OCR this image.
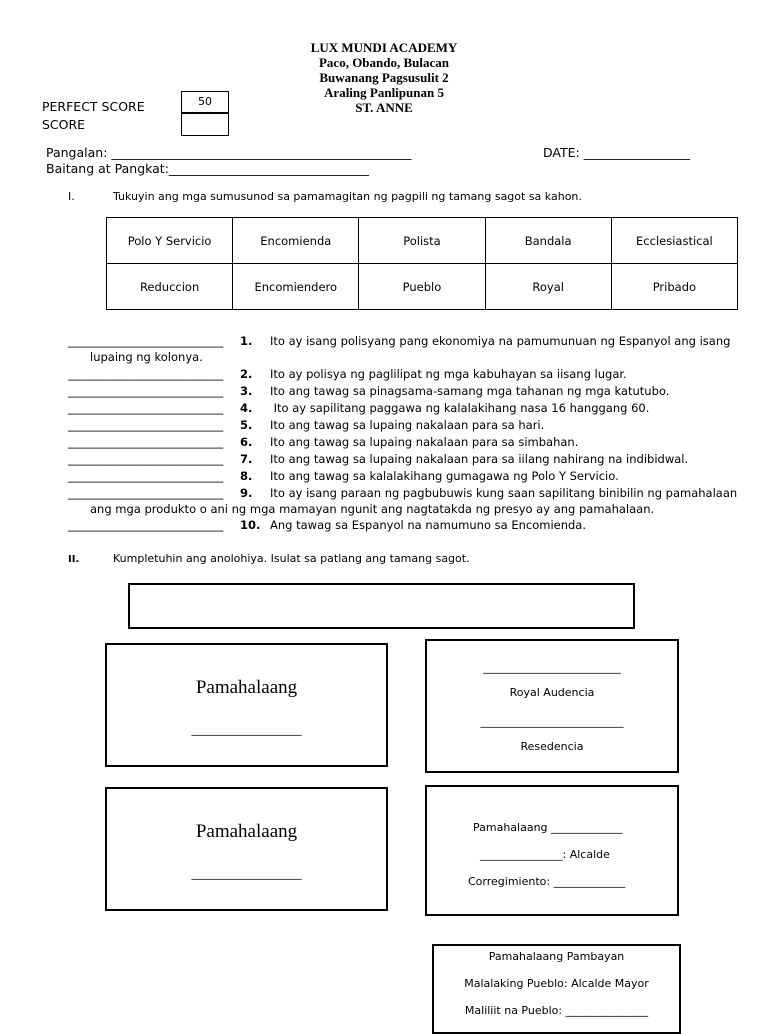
LUX MUNDI ACADEMY
Paco, Obando, Bulacan
Buwanang Pagsusulit 2
Araling Panlipunan 5
ST. ANNE
PERFECT SCORE
SCORE
50
Pangalan: ________________________________________________	DATE: _________________
Baitang at Pangkat:________________________________
I.	Tukuyin ang mga sumusunod sa pamamagitan ng pagpili ng tamang sagot sa kahon.
Polo Y Servicio	Encomienda	Polista	Bandala	Ecclesiastical
Reduccion	Encomiendero	Pueblo	Royal	Pribado
___________________________ 1. Ito ay isang polisyang pang ekonomiya na pamumunuan ng Espanyol ang isang
lupaing ng kolonya.
___________________________ 2. Ito ay polisya ng paglilipat ng mga kabuhayan sa iisang lugar.
___________________________ 3. Ito ang tawag sa pinagsama-samang mga tahanan ng mga katutubo.
___________________________ 4. Ito ay sapilitang paggawa ng kalalakihang nasa 16 hanggang 60.
___________________________ 5. Ito ang tawag sa lupaing nakalaan para sa hari.
___________________________ 6. Ito ang tawag sa lupaing nakalaan para sa simbahan.
___________________________ 7. Ito ang tawag sa lupaing nakalaan para sa iilang nahirang na indibidwal.
___________________________ 8. Ito ang tawag sa kalalakihang gumagawa ng Polo Y Servicio.
___________________________ 9. Ito ay isang paraan ng pagbubuwis kung saan sapilitang binibilin ng pamahalaan
ang mga produkto o ani ng mga mamayan ngunit ang nagtatakda ng presyo ay ang pamahalaan.
___________________________ 10. Ang tawag sa Espanyol na namumuno sa Encomienda.
II.	Kumpletuhin ang anolohiya. Isulat sa patlang ang tamang sagot.
Pamahalaang
____________________
_________________________
Royal Audencia
__________________________
Resedencia
Pamahalaang
____________________
Pamahalaang _____________
_______________: Alcalde
Corregimiento: _____________
Pamahalaang Pambayan
Malalaking Pueblo: Alcalde Mayor
Maliliit na Pueblo: _______________
